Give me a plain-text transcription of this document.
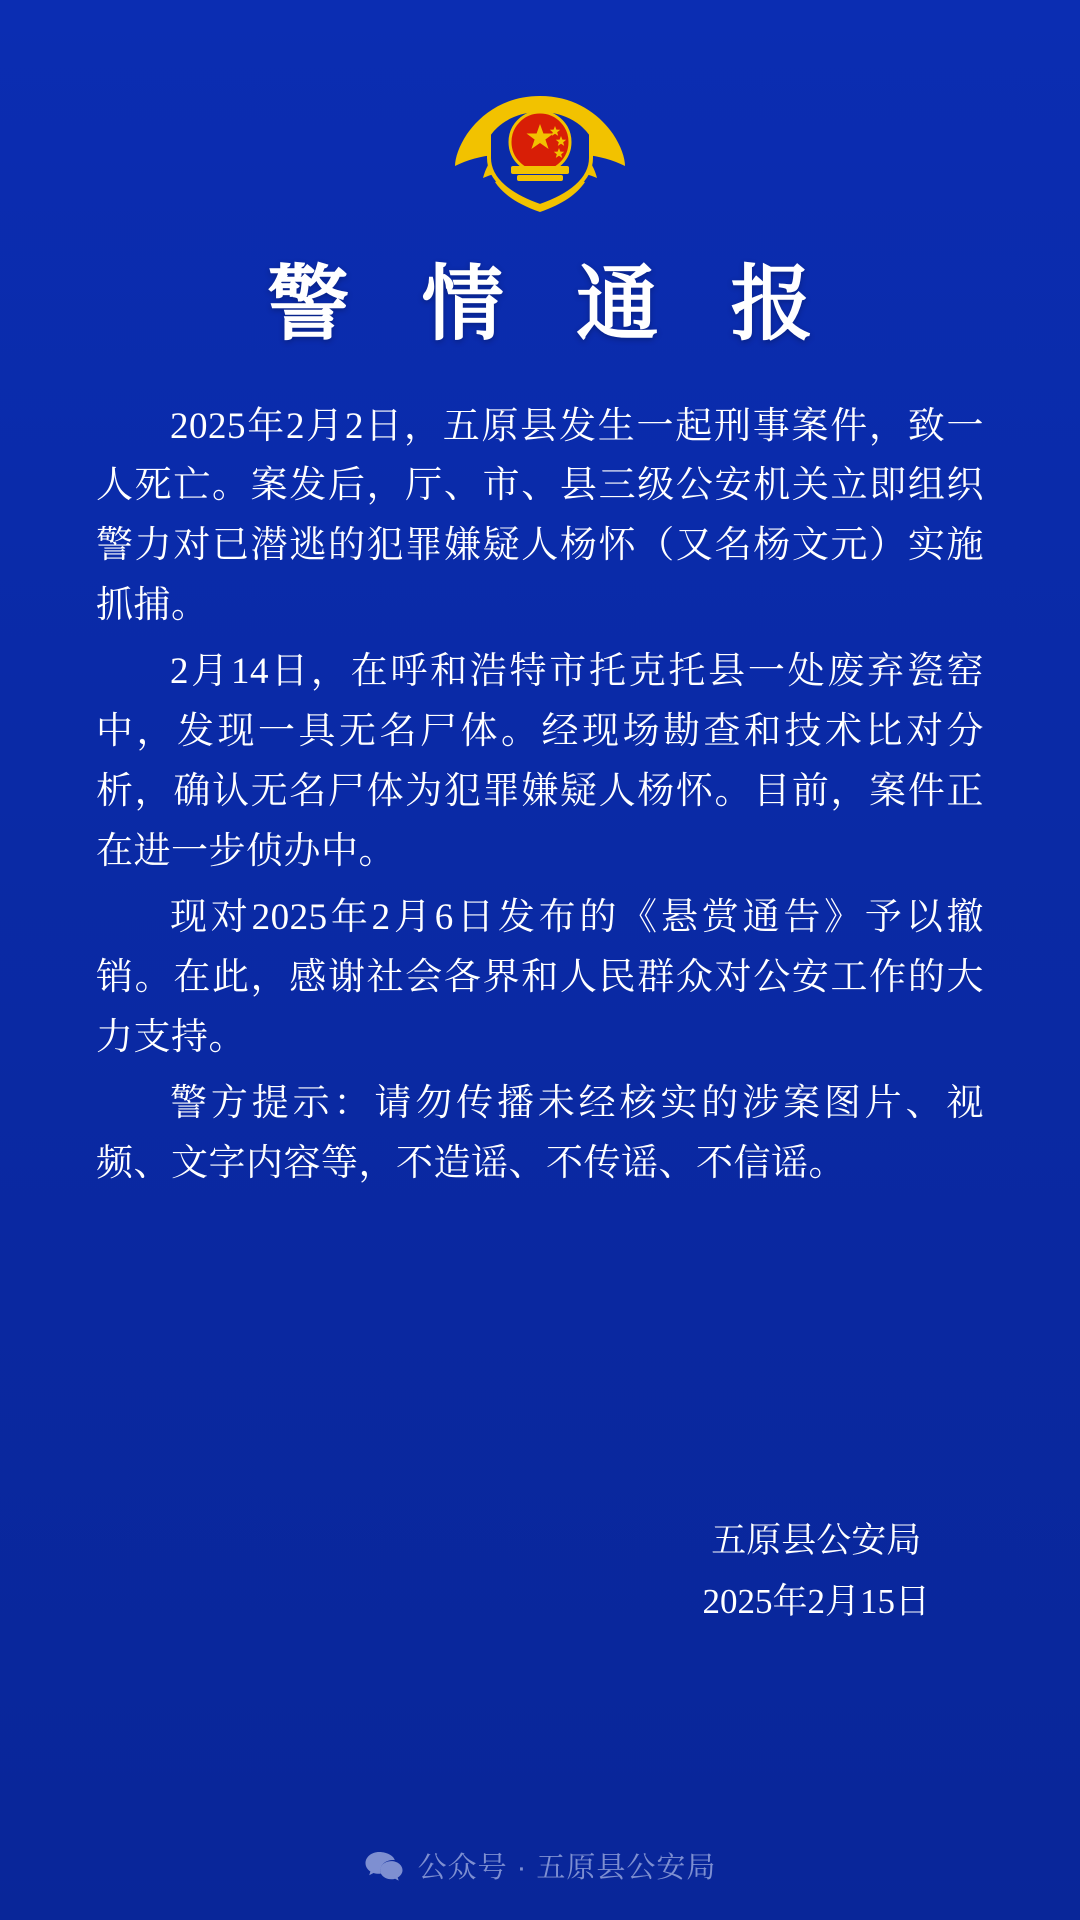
警 情 通 报

2025年2月2日，五原县发生一起刑事案件，致一人死亡。案发后，厅、市、县三级公安机关立即组织警力对已潜逃的犯罪嫌疑人杨怀（又名杨文元）实施抓捕。

2月14日，在呼和浩特市托克托县一处废弃瓷窑中，发现一具无名尸体。经现场勘查和技术比对分析，确认无名尸体为犯罪嫌疑人杨怀。目前，案件正在进一步侦办中。

现对2025年2月6日发布的《悬赏通告》予以撤销。在此，感谢社会各界和人民群众对公安工作的大力支持。

警方提示：请勿传播未经核实的涉案图片、视频、文字内容等，不造谣、不传谣、不信谣。

五原县公安局
2025年2月15日
公众号 · 五原县公安局
